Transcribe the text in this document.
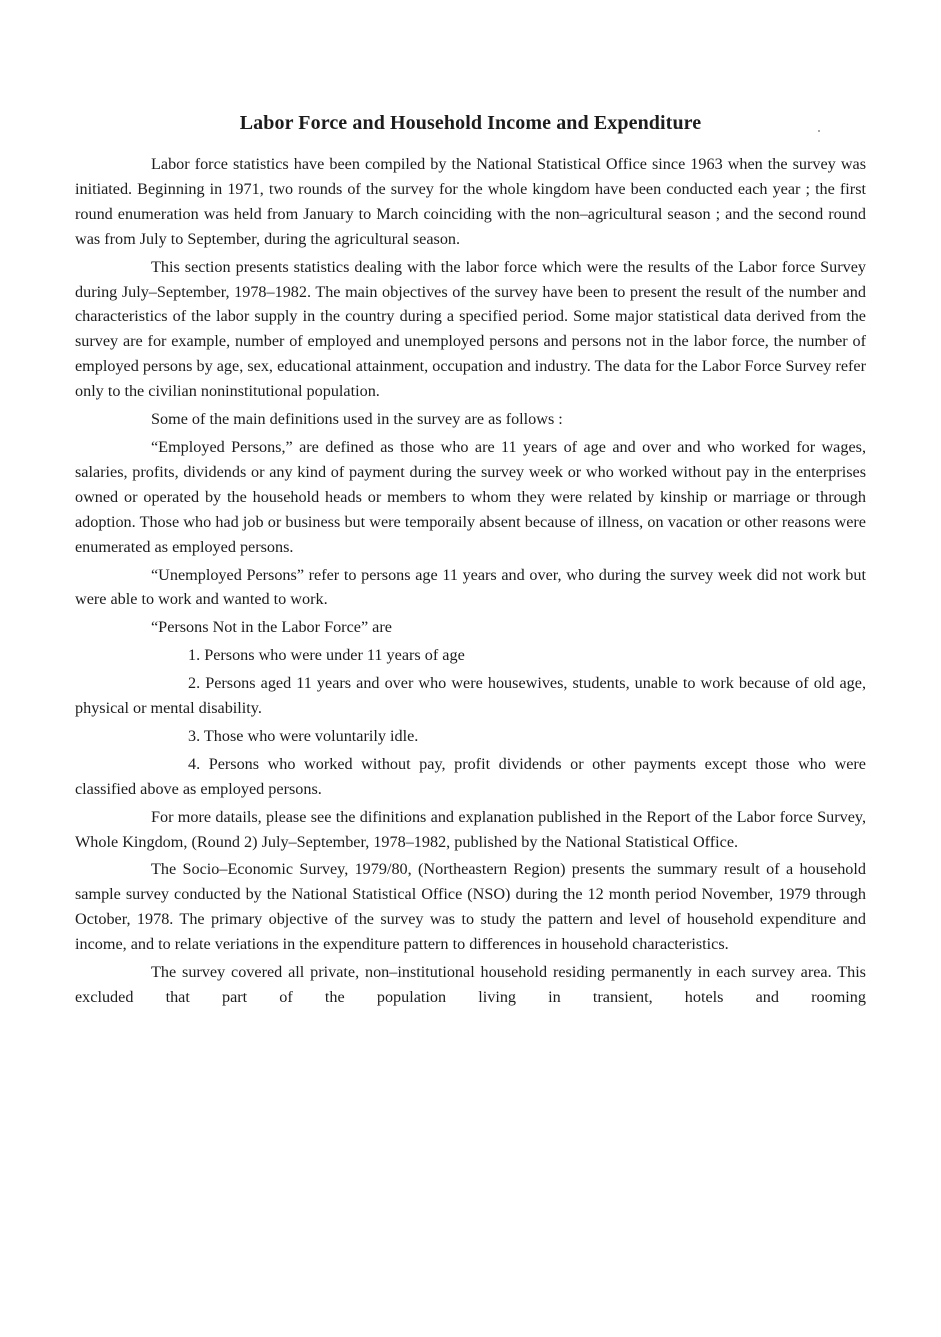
Labor Force and Household Income and Expenditure

Labor force statistics have been compiled by the National Statistical Office since 1963 when the survey was initiated. Beginning in 1971, two rounds of the survey for the whole kingdom have been conducted each year ; the first round enumeration was held from January to March coinciding with the non–agricultural season ; and the second round was from July to September, during the agricultural season.

This section presents statistics dealing with the labor force which were the results of the Labor force Survey during July–September, 1978–1982. The main objectives of the survey have been to present the result of the number and characteristics of the labor supply in the country during a specified period. Some major statistical data derived from the survey are for example, number of employed and unemployed persons and persons not in the labor force, the number of employed persons by age, sex, educational attainment, occupation and industry. The data for the Labor Force Survey refer only to the civilian noninstitutional population.

Some of the main definitions used in the survey are as follows :

“Employed Persons,” are defined as those who are 11 years of age and over and who worked for wages, salaries, profits, dividends or any kind of payment during the survey week or who worked without pay in the enterprises owned or operated by the household heads or members to whom they were related by kinship or marriage or through adoption. Those who had job or business but were temporaily absent because of illness, on vacation or other reasons were enumerated as employed persons.

“Unemployed Persons” refer to persons age 11 years and over, who during the survey week did not work but were able to work and wanted to work.

“Persons Not in the Labor Force” are

1. Persons who were under 11 years of age

2. Persons aged 11 years and over who were housewives, students, unable to work because of old age, physical or mental disability.

3. Those who were voluntarily idle.

4. Persons who worked without pay, profit dividends or other payments except those who were classified above as employed persons.

For more datails, please see the difinitions and explanation published in the Report of the Labor force Survey, Whole Kingdom, (Round 2) July–September, 1978–1982, published by the National Statistical Office.

The Socio–Economic Survey, 1979/80, (Northeastern Region) presents the summary result of a household sample survey conducted by the National Statistical Office (NSO) during the 12 month period November, 1979 through October, 1978. The primary objective of the survey was to study the pattern and level of household expenditure and income, and to relate veriations in the expenditure pattern to differences in household characteristics.

The survey covered all private, non–institutional household residing permanently in each survey area. This excluded that part of the population living in transient, hotels and rooming
